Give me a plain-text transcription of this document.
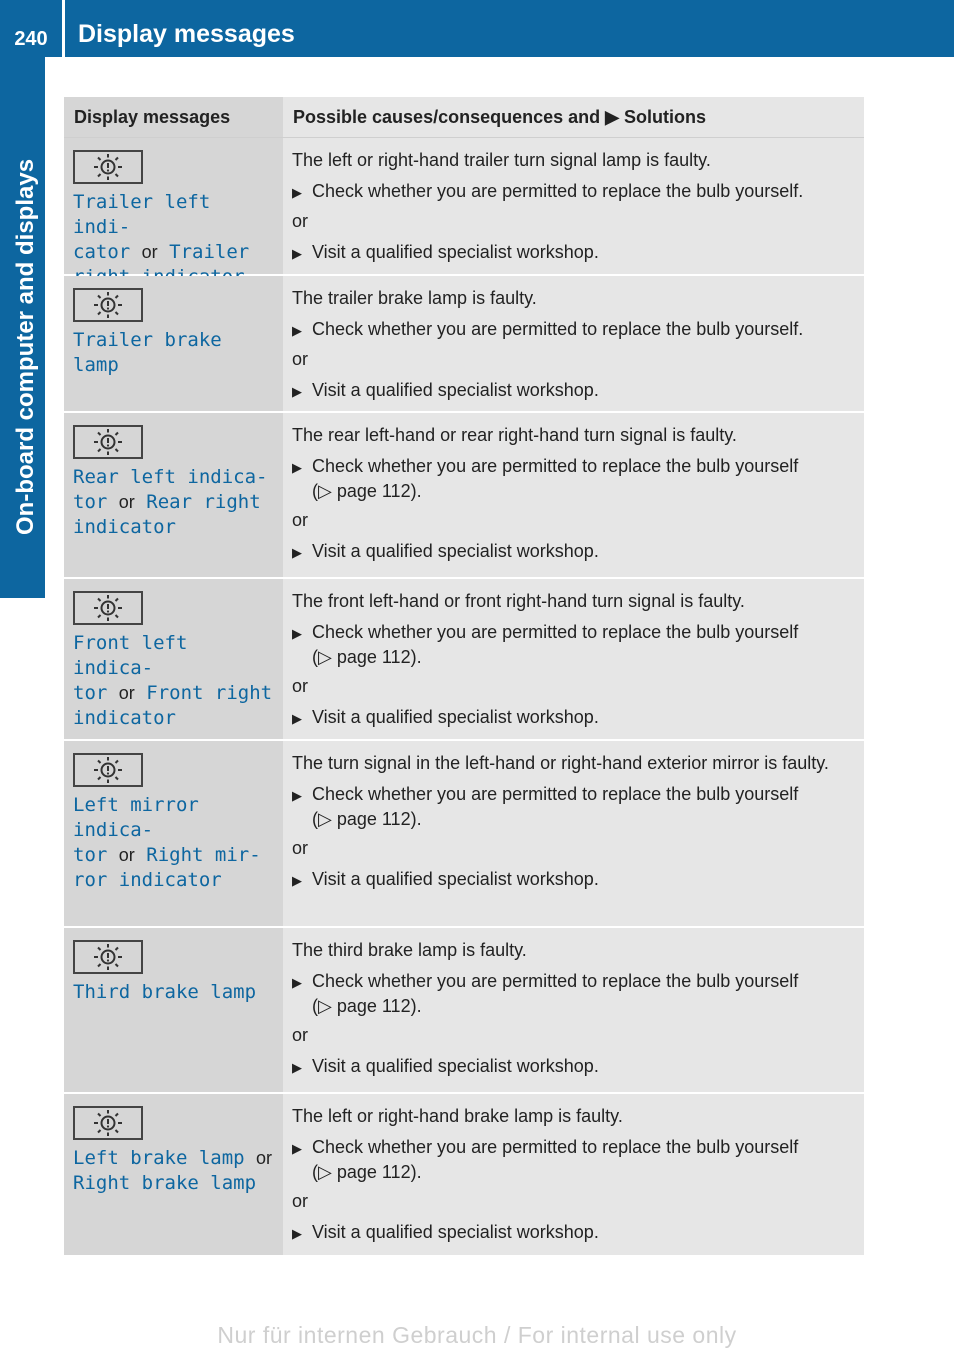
240	Display messages
On-board computer and displays
Display messages	Possible causes/consequences and ▶ Solutions
Trailer left indi-
cator or Trailer

The left or right-hand trailer turn signal lamp is faulty.

▶ Check whether you are permitted to replace the bulb yourself.
or
▶ Visit a qualified specialist workshop.
Trailer brake lamp

The trailer brake lamp is faulty.

▶ Check whether you are permitted to replace the bulb yourself.
or
▶ Visit a qualified specialist workshop.
Rear left indica-
tor or Rear right
indicator

The rear left-hand or rear right-hand turn signal is faulty.

▶ Check whether you are permitted to replace the bulb yourself
(▷ page 112).
or
▶ Visit a qualified specialist workshop.
Front left indica-
tor or Front right
indicator

The front left-hand or front right-hand turn signal is faulty.

▶ Check whether you are permitted to replace the bulb yourself
(▷ page 112).
or
▶ Visit a qualified specialist workshop.
Left mirror indica-
tor or Right mir-
ror indicator

The turn signal in the left-hand or right-hand exterior mirror is faulty.

▶ Check whether you are permitted to replace the bulb yourself
(▷ page 112).
or
▶ Visit a qualified specialist workshop.
Third brake lamp

The third brake lamp is faulty.

▶ Check whether you are permitted to replace the bulb yourself
(▷ page 112).
or
▶ Visit a qualified specialist workshop.
Left brake lamp or
Right brake lamp

The left or right-hand brake lamp is faulty.

▶ Check whether you are permitted to replace the bulb yourself
(▷ page 112).
or
▶ Visit a qualified specialist workshop.
Nur für internen Gebrauch / For internal use only
